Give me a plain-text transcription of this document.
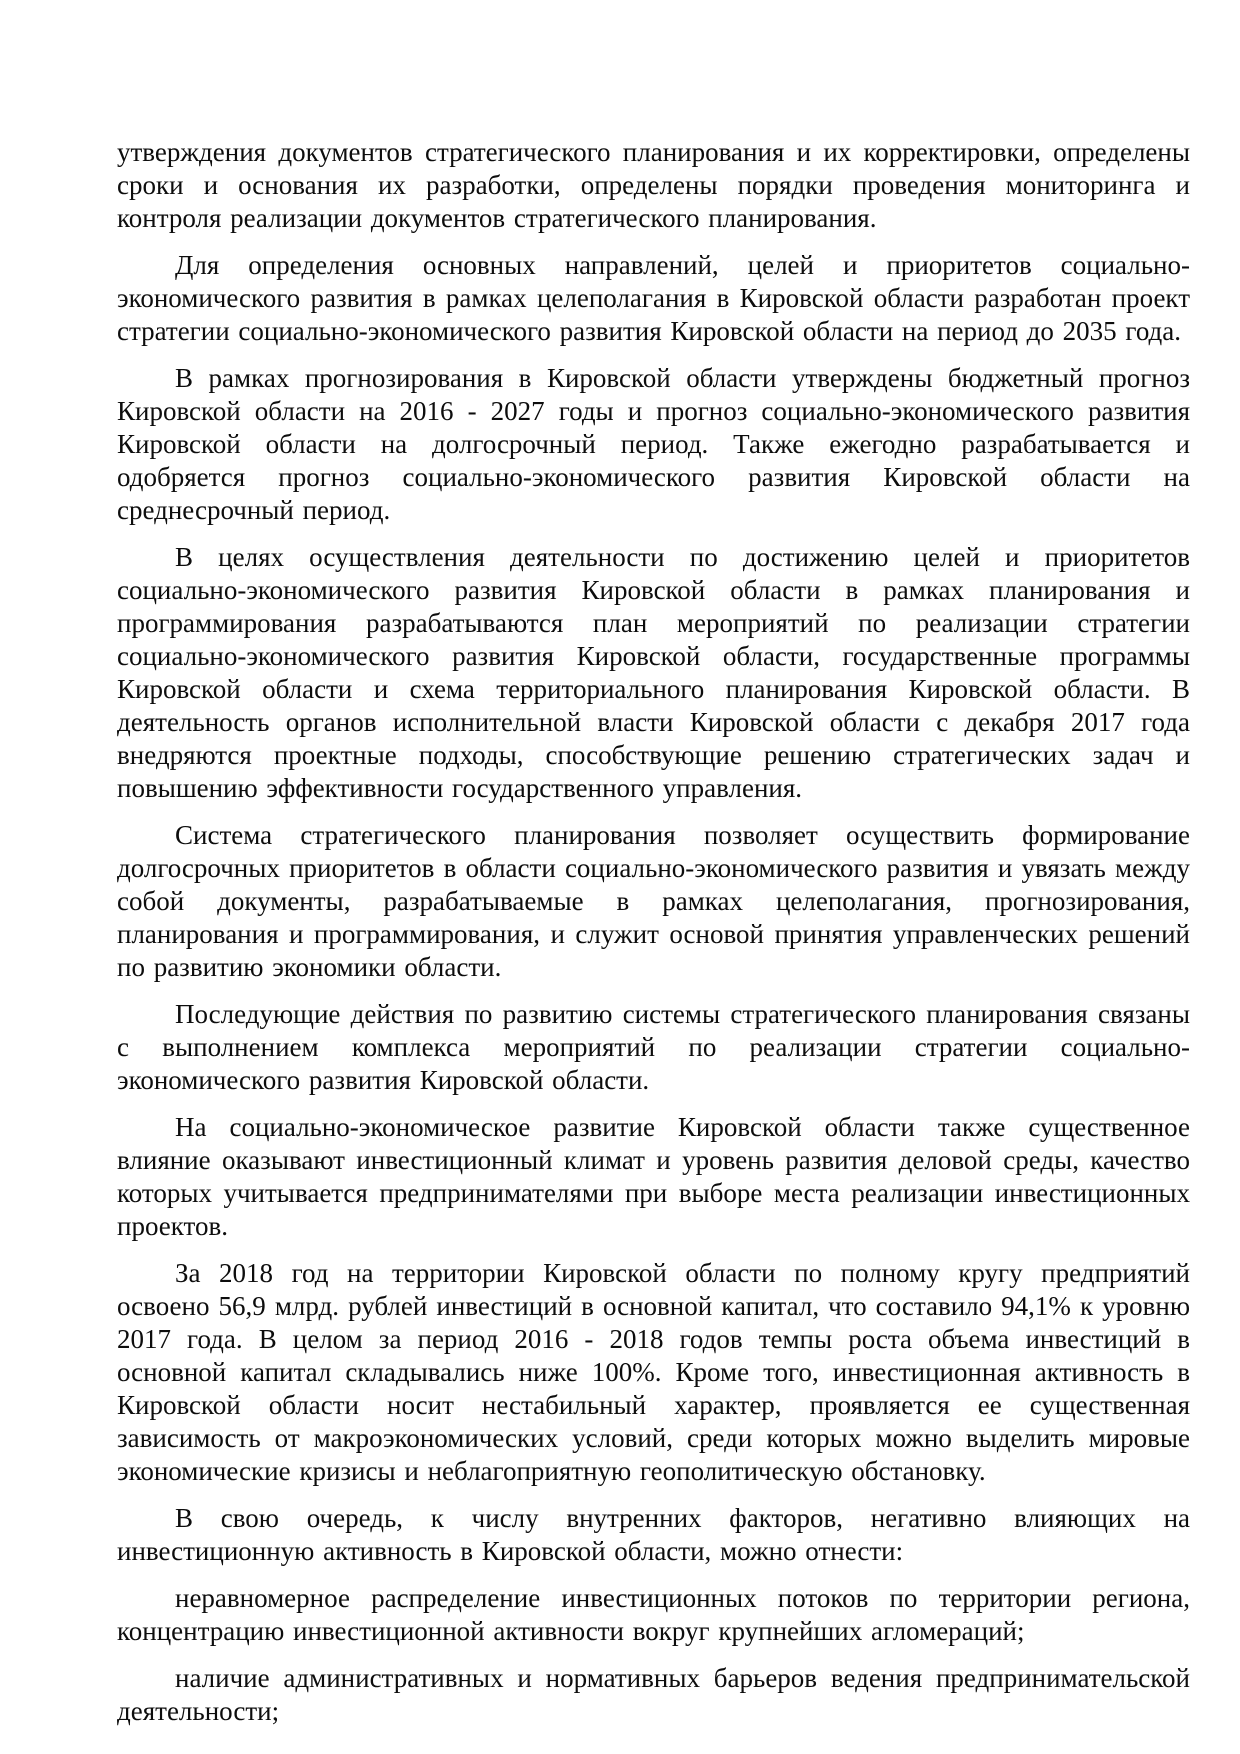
утверждения документов стратегического планирования и их корректировки, определены сроки и основания их разработки, определены порядки проведения мониторинга и контроля реализации документов стратегического планирования.

Для определения основных направлений, целей и приоритетов социально-экономического развития в рамках целеполагания в Кировской области разработан проект стратегии социально-экономического развития Кировской области на период до 2035 года.

В рамках прогнозирования в Кировской области утверждены бюджетный прогноз Кировской области на 2016 - 2027 годы и прогноз социально-экономического развития Кировской области на долгосрочный период. Также ежегодно разрабатывается и одобряется прогноз социально-экономического развития Кировской области на среднесрочный период.

В целях осуществления деятельности по достижению целей и приоритетов социально-экономического развития Кировской области в рамках планирования и программирования разрабатываются план мероприятий по реализации стратегии социально-экономического развития Кировской области, государственные программы Кировской области и схема территориального планирования Кировской области. В деятельность органов исполнительной власти Кировской области с декабря 2017 года внедряются проектные подходы, способствующие решению стратегических задач и повышению эффективности государственного управления.

Система стратегического планирования позволяет осуществить формирование долгосрочных приоритетов в области социально-экономического развития и увязать между собой документы, разрабатываемые в рамках целеполагания, прогнозирования, планирования и программирования, и служит основой принятия управленческих решений по развитию экономики области.

Последующие действия по развитию системы стратегического планирования связаны с выполнением комплекса мероприятий по реализации стратегии социально-экономического развития Кировской области.

На социально-экономическое развитие Кировской области также существенное влияние оказывают инвестиционный климат и уровень развития деловой среды, качество которых учитывается предпринимателями при выборе места реализации инвестиционных проектов.

За 2018 год на территории Кировской области по полному кругу предприятий освоено 56,9 млрд. рублей инвестиций в основной капитал, что составило 94,1% к уровню 2017 года. В целом за период 2016 - 2018 годов темпы роста объема инвестиций в основной капитал складывались ниже 100%. Кроме того, инвестиционная активность в Кировской области носит нестабильный характер, проявляется ее существенная зависимость от макроэкономических условий, среди которых можно выделить мировые экономические кризисы и неблагоприятную геополитическую обстановку.

В свою очередь, к числу внутренних факторов, негативно влияющих на инвестиционную активность в Кировской области, можно отнести:

неравномерное распределение инвестиционных потоков по территории региона, концентрацию инвестиционной активности вокруг крупнейших агломераций;

наличие административных и нормативных барьеров ведения предпринимательской деятельности;
